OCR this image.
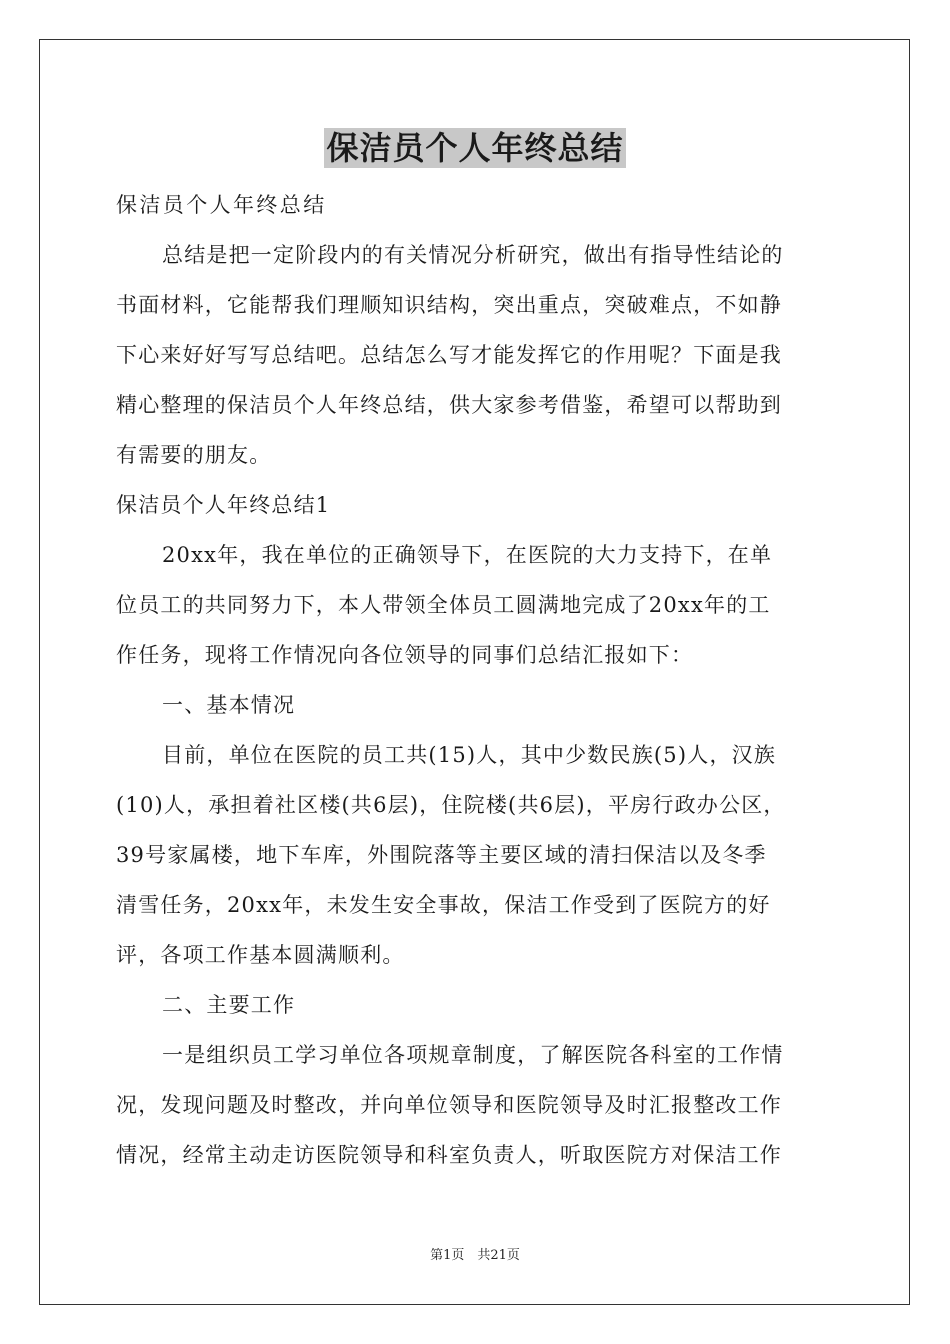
保洁员个人年终总结
保洁员个人年终总结
总结是把一定阶段内的有关情况分析研究，做出有指导性结论的
书面材料，它能帮我们理顺知识结构，突出重点，突破难点，不如静
下心来好好写写总结吧。总结怎么写才能发挥它的作用呢？下面是我
精心整理的保洁员个人年终总结，供大家参考借鉴，希望可以帮助到
有需要的朋友。
保洁员个人年终总结1
20xx年，我在单位的正确领导下，在医院的大力支持下，在单
位员工的共同努力下，本人带领全体员工圆满地完成了20xx年的工
作任务，现将工作情况向各位领导的同事们总结汇报如下：
一、基本情况
目前，单位在医院的员工共(15)人，其中少数民族(5)人，汉族
(10)人，承担着社区楼(共6层)，住院楼(共6层)，平房行政办公区，
39号家属楼，地下车库，外围院落等主要区域的清扫保洁以及冬季
清雪任务，20xx年，未发生安全事故，保洁工作受到了医院方的好
评，各项工作基本圆满顺利。
二、主要工作
一是组织员工学习单位各项规章制度，了解医院各科室的工作情
况，发现问题及时整改，并向单位领导和医院领导及时汇报整改工作
情况，经常主动走访医院领导和科室负责人，听取医院方对保洁工作
第1页　共21页
